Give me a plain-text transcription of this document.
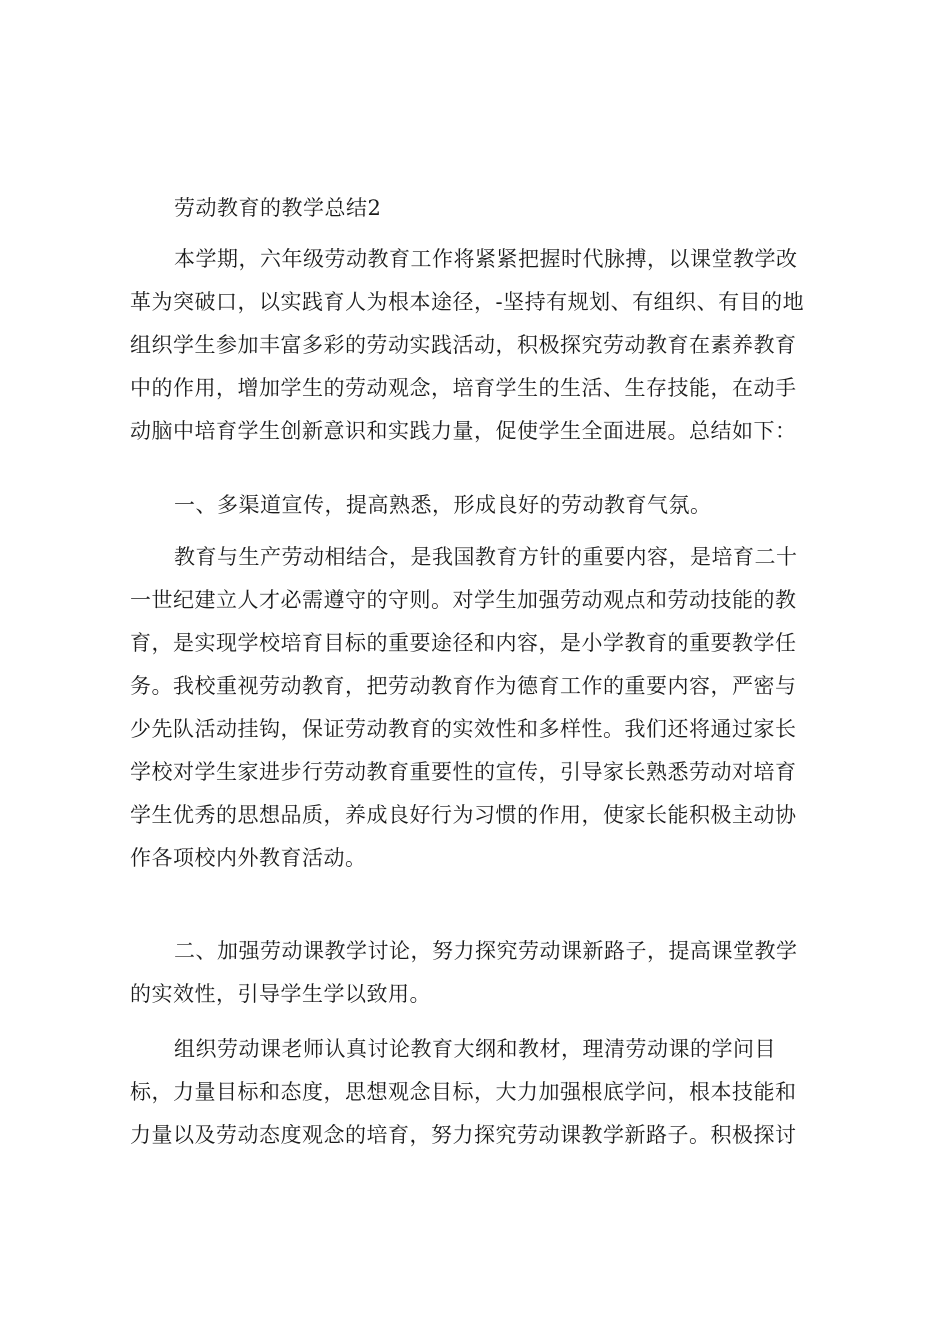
劳动教育的教学总结2
本学期，六年级劳动教育工作将紧紧把握时代脉搏，以课堂教学改
革为突破口，以实践育人为根本途径，-坚持有规划、有组织、有目的地
组织学生参加丰富多彩的劳动实践活动，积极探究劳动教育在素养教育
中的作用，增加学生的劳动观念，培育学生的生活、生存技能，在动手
动脑中培育学生创新意识和实践力量，促使学生全面进展。总结如下：
一、多渠道宣传，提高熟悉，形成良好的劳动教育气氛。
教育与生产劳动相结合，是我国教育方针的重要内容，是培育二十
一世纪建立人才必需遵守的守则。对学生加强劳动观点和劳动技能的教
育，是实现学校培育目标的重要途径和内容，是小学教育的重要教学任
务。我校重视劳动教育，把劳动教育作为德育工作的重要内容，严密与
少先队活动挂钩，保证劳动教育的实效性和多样性。我们还将通过家长
学校对学生家进步行劳动教育重要性的宣传，引导家长熟悉劳动对培育
学生优秀的思想品质，养成良好行为习惯的作用，使家长能积极主动协
作各项校内外教育活动。
二、加强劳动课教学讨论，努力探究劳动课新路子，提高课堂教学
的实效性，引导学生学以致用。
组织劳动课老师认真讨论教育大纲和教材，理清劳动课的学问目
标，力量目标和态度，思想观念目标，大力加强根底学问，根本技能和
力量以及劳动态度观念的培育，努力探究劳动课教学新路子。积极探讨
